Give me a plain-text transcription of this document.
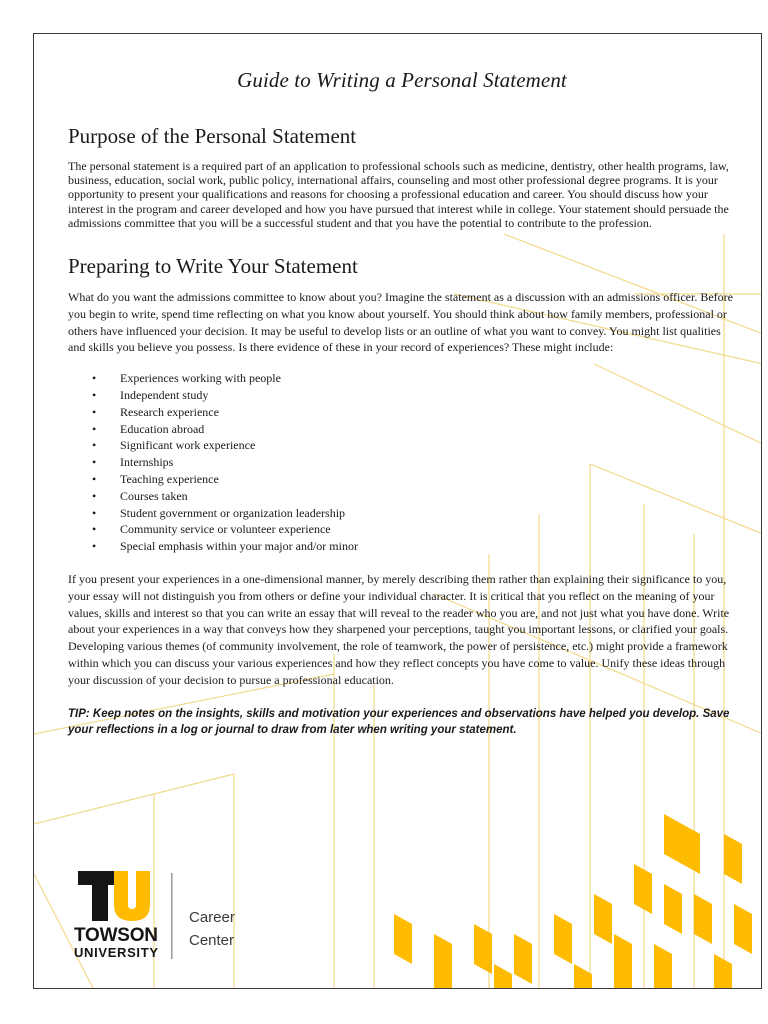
Guide to Writing a Personal Statement
Purpose of the Personal Statement

The personal statement is a required part of an application to professional schools such as medicine, dentistry, other health programs, law, business, education, social work, public policy, international affairs, counseling and most other professional degree programs. It is your opportunity to present your qualifications and reasons for choosing a professional education and career. You should discuss how your interest in the program and career developed and how you have pursued that interest while in college. Your statement should persuade the admissions committee that you will be a successful student and that you have the potential to contribute to the profession.

Preparing to Write Your Statement

What do you want the admissions committee to know about you? Imagine the statement as a discussion with an admissions officer. Before you begin to write, spend time reflecting on what you know about yourself. You should think about how family members, professional or others have influenced your decision. It may be useful to develop lists or an outline of what you want to convey. You might list qualities and skills you believe you possess. Is there evidence of these in your record of experiences? These might include:

• Experiences working with people
• Independent study
• Research experience
• Education abroad
• Significant work experience
• Internships
• Teaching experience
• Courses taken
• Student government or organization leadership
• Community service or volunteer experience
• Special emphasis within your major and/or minor

If you present your experiences in a one-dimensional manner, by merely describing them rather than explaining their significance to you, your essay will not distinguish you from others or define your individual character. It is critical that you reflect on the meaning of your values, skills and interest so that you can write an essay that will reveal to the reader who you are, and not just what you have done. Write about your experiences in a way that conveys how they sharpened your perceptions, taught you important lessons, or clarified your goals. Developing various themes (of community involvement, the role of teamwork, the power of persistence, etc.) might provide a framework within which you can discuss your various experiences and how they reflect concepts you have come to value. Unify these ideas through your discussion of your decision to pursue a professional education.

TIP: Keep notes on the insights, skills and motivation your experiences and observations have helped you develop. Save your reflections in a log or journal to draw from later when writing your statement.

TOWSON
UNIVERSITY
Career
Center
